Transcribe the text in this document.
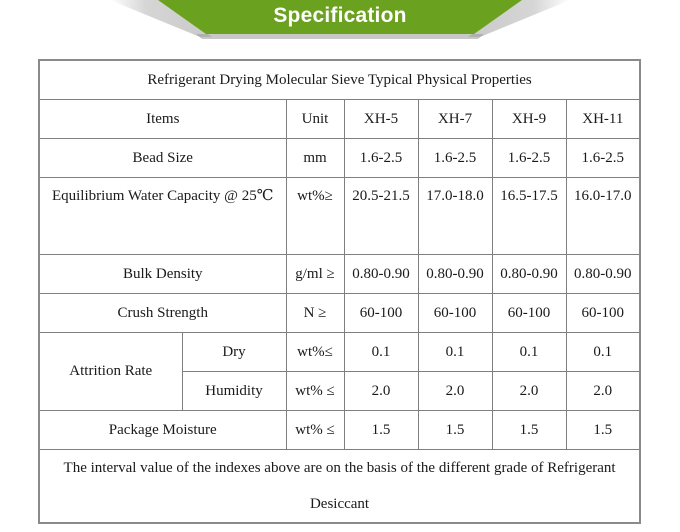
Specification
Refrigerant Drying Molecular Sieve Typical Physical Properties						
Items		Unit	XH-5	XH-7	XH-9	XH-11
Bead Size		mm	1.6-2.5	1.6-2.5	1.6-2.5	1.6-2.5
Equilibrium Water Capacity @ 25℃		wt%≥	20.5-21.5	17.0-18.0	16.5-17.5	16.0-17.0
Bulk Density		g/ml ≥	0.80-0.90	0.80-0.90	0.80-0.90	0.80-0.90
Crush Strength		N ≥	60-100	60-100	60-100	60-100
Attrition Rate	Dry	wt%≤	0.1	0.1	0.1	0.1
	Humidity	wt% ≤	2.0	2.0	2.0	2.0
Package Moisture		wt% ≤	1.5	1.5	1.5	1.5
The interval value of the indexes above are on the basis of the different grade of Refrigerant Desiccant						
